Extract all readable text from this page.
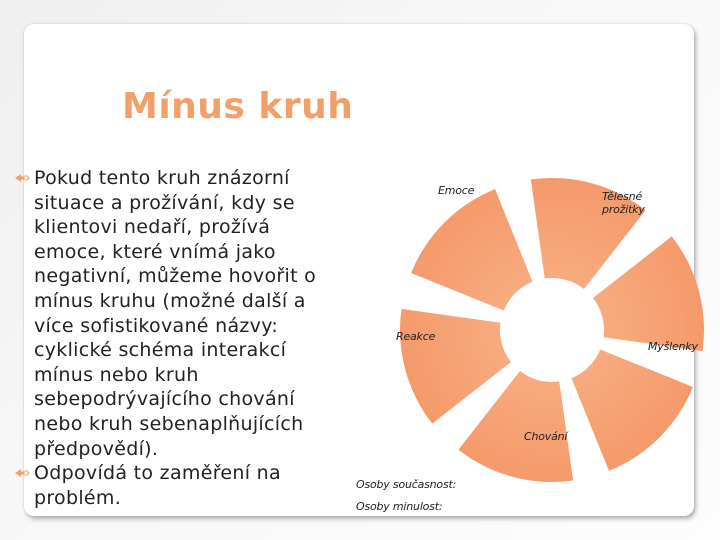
Mínus kruh
Pokud tento kruh znázorní situace a prožívání, kdy se klientovi nedaří, prožívá emoce, které vnímá jako negativní, můžeme hovořit o mínus kruhu (možné další a více sofistikované názvy: cyklické schéma interakcí mínus nebo kruh sebepodrývajícího chování nebo kruh sebenaplňujících předpovědí).
Odpovídá to zaměření na problém.
Emoce	Tělesné prožitky
Reakce
Myšlenky
Chování
Osoby současnost:
Osoby minulost:
